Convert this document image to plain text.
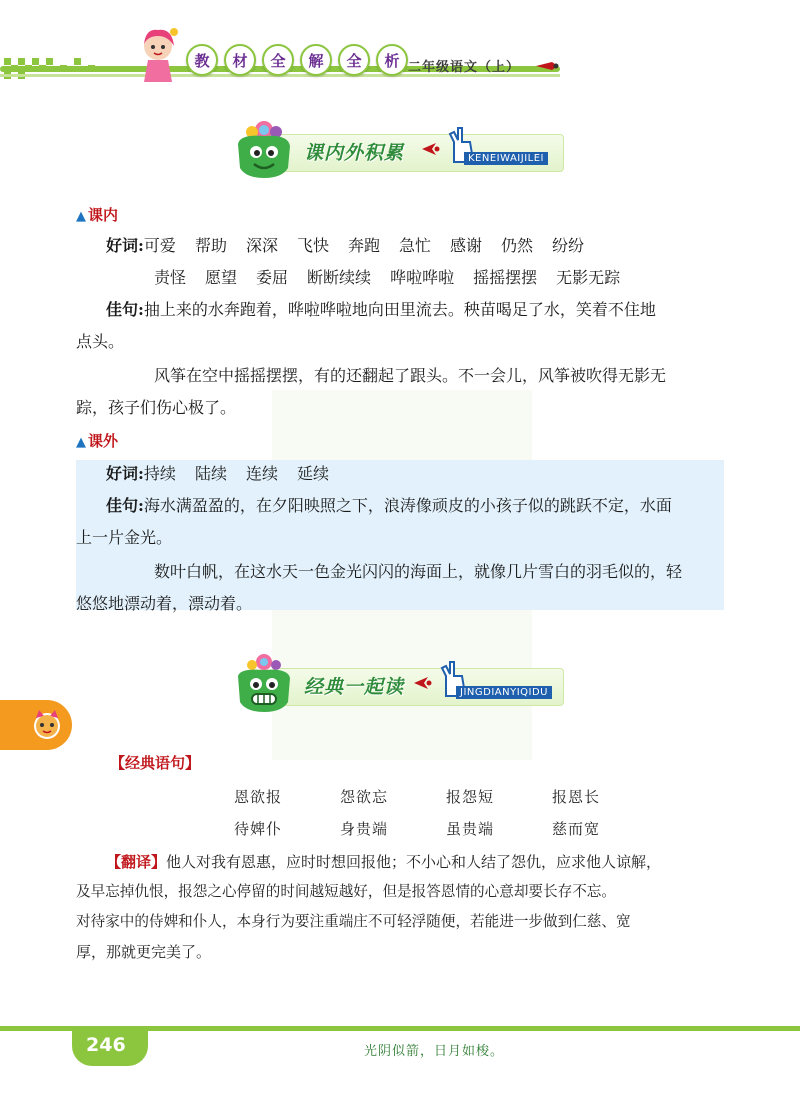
教	材	全	解	全	析 二年级语文（上）
课内外积累	KENEIWAIJILEI
▲ 课内
好词:可爱 帮助 深深 飞快 奔跑 急忙 感谢 仍然 纷纷
责怪 愿望 委屈 断断续续 哗啦哗啦 摇摇摆摆 无影无踪
佳句:抽上来的水奔跑着，哗啦哗啦地向田里流去。秧苗喝足了水，笑着不住地
点头。
风筝在空中摇摇摆摆，有的还翻起了跟头。不一会儿，风筝被吹得无影无
踪，孩子们伤心极了。
▲ 课外
好词:持续 陆续 连续 延续
佳句:海水满盈盈的，在夕阳映照之下，浪涛像顽皮的小孩子似的跳跃不定，水面
上一片金光。
数叶白帆，在这水天一色金光闪闪的海面上，就像几片雪白的羽毛似的，轻
悠悠地漂动着，漂动着。
经典一起读	JINGDIANYIQIDU
【经典语句】
恩欲报	怨欲忘	报怨短	报恩长
待婢仆	身贵端	虽贵端	慈而宽
【翻译】他人对我有恩惠，应时时想回报他；不小心和人结了怨仇，应求他人谅解，
及早忘掉仇恨，报怨之心停留的时间越短越好，但是报答恩情的心意却要长存不忘。
对待家中的侍婢和仆人，本身行为要注重端庄不可轻浮随便，若能进一步做到仁慈、宽
厚，那就更完美了。
246	光阴似箭，日月如梭。
